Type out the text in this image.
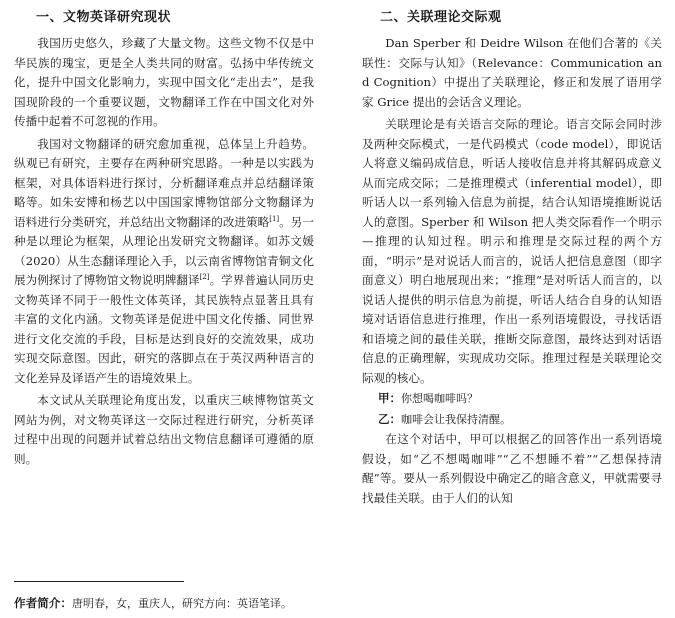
一、文物英译研究现状

我国历史悠久，珍藏了大量文物。这些文物不仅是中华民族的瑰宝，更是全人类共同的财富。弘扬中华传统文化，提升中国文化影响力，实现中国文化“走出去”，是我国现阶段的一个重要议题，文物翻译工作在中国文化对外传播中起着不可忽视的作用。

我国对文物翻译的研究愈加重视，总体呈上升趋势。纵观已有研究，主要存在两种研究思路。一种是以实践为框架，对具体语料进行探讨，分析翻译难点并总结翻译策略等。如朱安博和杨艺以中国国家博物馆部分文物翻译为语料进行分类研究，并总结出文物翻译的改进策略[1]。另一种是以理论为框架，从理论出发研究文物翻译。如苏文媛（2020）从生态翻译理论入手，以云南省博物馆青铜文化展为例探讨了博物馆文物说明牌翻译[2]。学界普遍认同历史文物英译不同于一般性文体英译，其民族特点显著且具有丰富的文化内涵。文物英译是促进中国文化传播、同世界进行文化交流的手段，目标是达到良好的交流效果，成功实现交际意图。因此，研究的落脚点在于英汉两种语言的文化差异及译语产生的语境效果上。

本文试从关联理论角度出发，以重庆三峡博物馆英文网站为例，对文物英译这一交际过程进行研究，分析英译过程中出现的问题并试着总结出文物信息翻译可遵循的原则。

作者简介：唐明春，女，重庆人，研究方向：英语笔译。
二、关联理论交际观

Dan Sperber 和 Deidre Wilson 在他们合著的《关联性：交际与认知》（Relevance：Communication and Cognition）中提出了关联理论，修正和发展了语用学家 Grice 提出的会话含义理论。

关联理论是有关语言交际的理论。语言交际会同时涉及两种交际模式，一是代码模式（code model），即说话人将意义编码成信息，听话人接收信息并将其解码成意义从而完成交际；二是推理模式（inferential model），即听话人以一系列输入信息为前提，结合认知语境推断说话人的意图。Sperber 和 Wilson 把人类交际看作一个明示—推理的认知过程。明示和推理是交际过程的两个方面，“明示”是对说话人而言的，说话人把信息意图（即字面意义）明白地展现出来；“推理”是对听话人而言的，以说话人提供的明示信息为前提，听话人结合自身的认知语境对话语信息进行推理，作出一系列语境假设，寻找话语和语境之间的最佳关联，推断交际意图，最终达到对话语信息的正确理解，实现成功交际。推理过程是关联理论交际观的核心。

甲：你想喝咖啡吗？

乙：咖啡会让我保持清醒。

在这个对话中，甲可以根据乙的回答作出一系列语境假设，如“乙不想喝咖啡”“乙不想睡不着”“乙想保持清醒”等。要从一系列假设中确定乙的暗含意义，甲就需要寻找最佳关联。由于人们的认知
